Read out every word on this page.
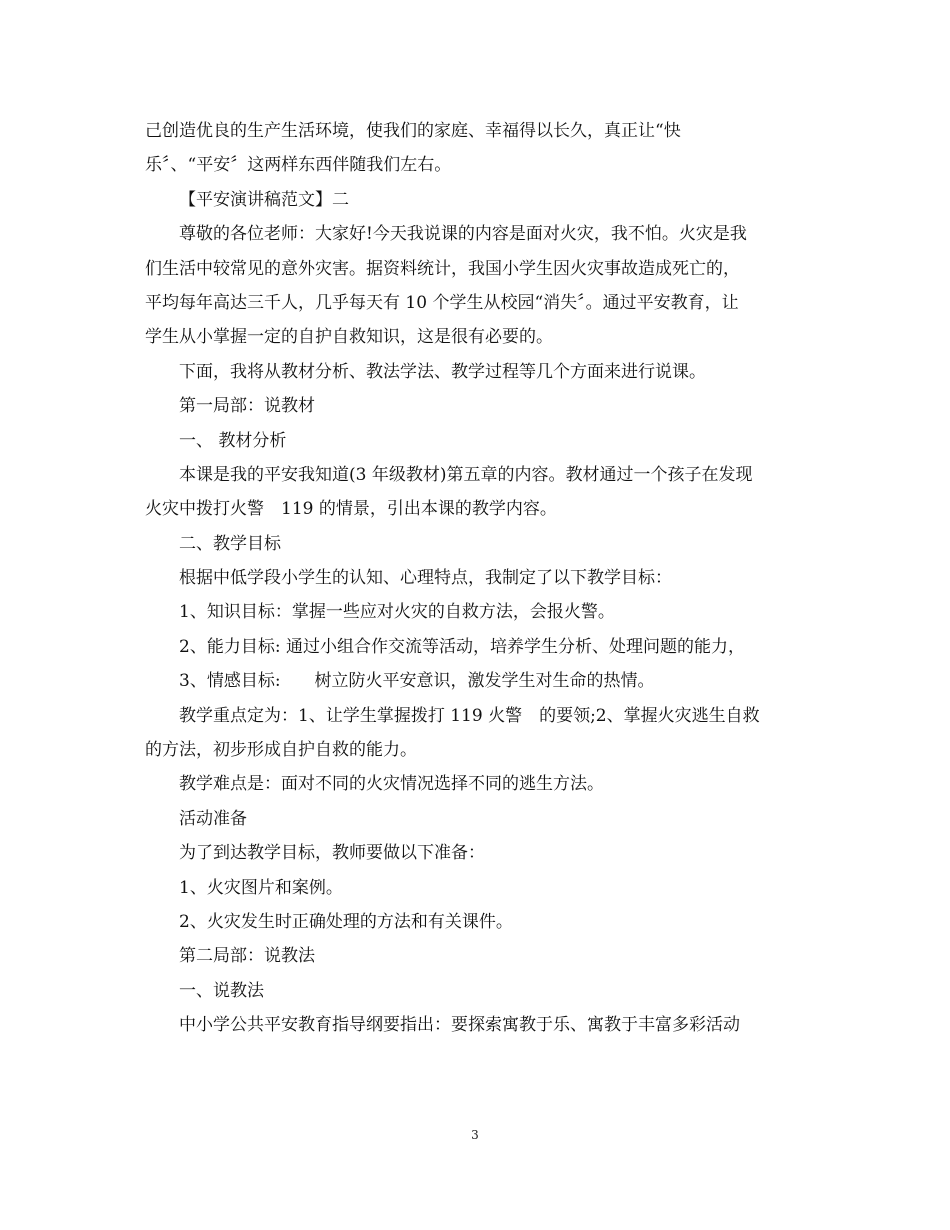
己创造优良的生产生活环境，使我们的家庭、幸福得以长久，真正让“快
乐〞、“平安〞这两样东西伴随我们左右。
【平安演讲稿范文】二
尊敬的各位老师：大家好!今天我说课的内容是面对火灾，我不怕。火灾是我
们生活中较常见的意外灾害。据资料统计，我国小学生因火灾事故造成死亡的，
平均每年高达三千人，几乎每天有 10 个学生从校园“消失〞。通过平安教育，让
学生从小掌握一定的自护自救知识，这是很有必要的。
下面，我将从教材分析、教法学法、教学过程等几个方面来进行说课。
第一局部：说教材
一、 教材分析
本课是我的平安我知道(3 年级教材)第五章的内容。教材通过一个孩子在发现
火灾中拨打火警　119 的情景，引出本课的教学内容。
二、教学目标
根据中低学段小学生的认知、心理特点，我制定了以下教学目标：
1、知识目标：掌握一些应对火灾的自救方法，会报火警。
2、能力目标: 通过小组合作交流等活动，培养学生分析、处理问题的能力，
3、情感目标:　　树立防火平安意识，激发学生对生命的热情。
教学重点定为：1、让学生掌握拨打 119 火警　的要领;2、掌握火灾逃生自救
的方法，初步形成自护自救的能力。
教学难点是：面对不同的火灾情况选择不同的逃生方法。
活动准备
为了到达教学目标，教师要做以下准备：
1、火灾图片和案例。
2、火灾发生时正确处理的方法和有关课件。
第二局部：说教法
一、说教法
中小学公共平安教育指导纲要指出：要探索寓教于乐、寓教于丰富多彩活动
3
